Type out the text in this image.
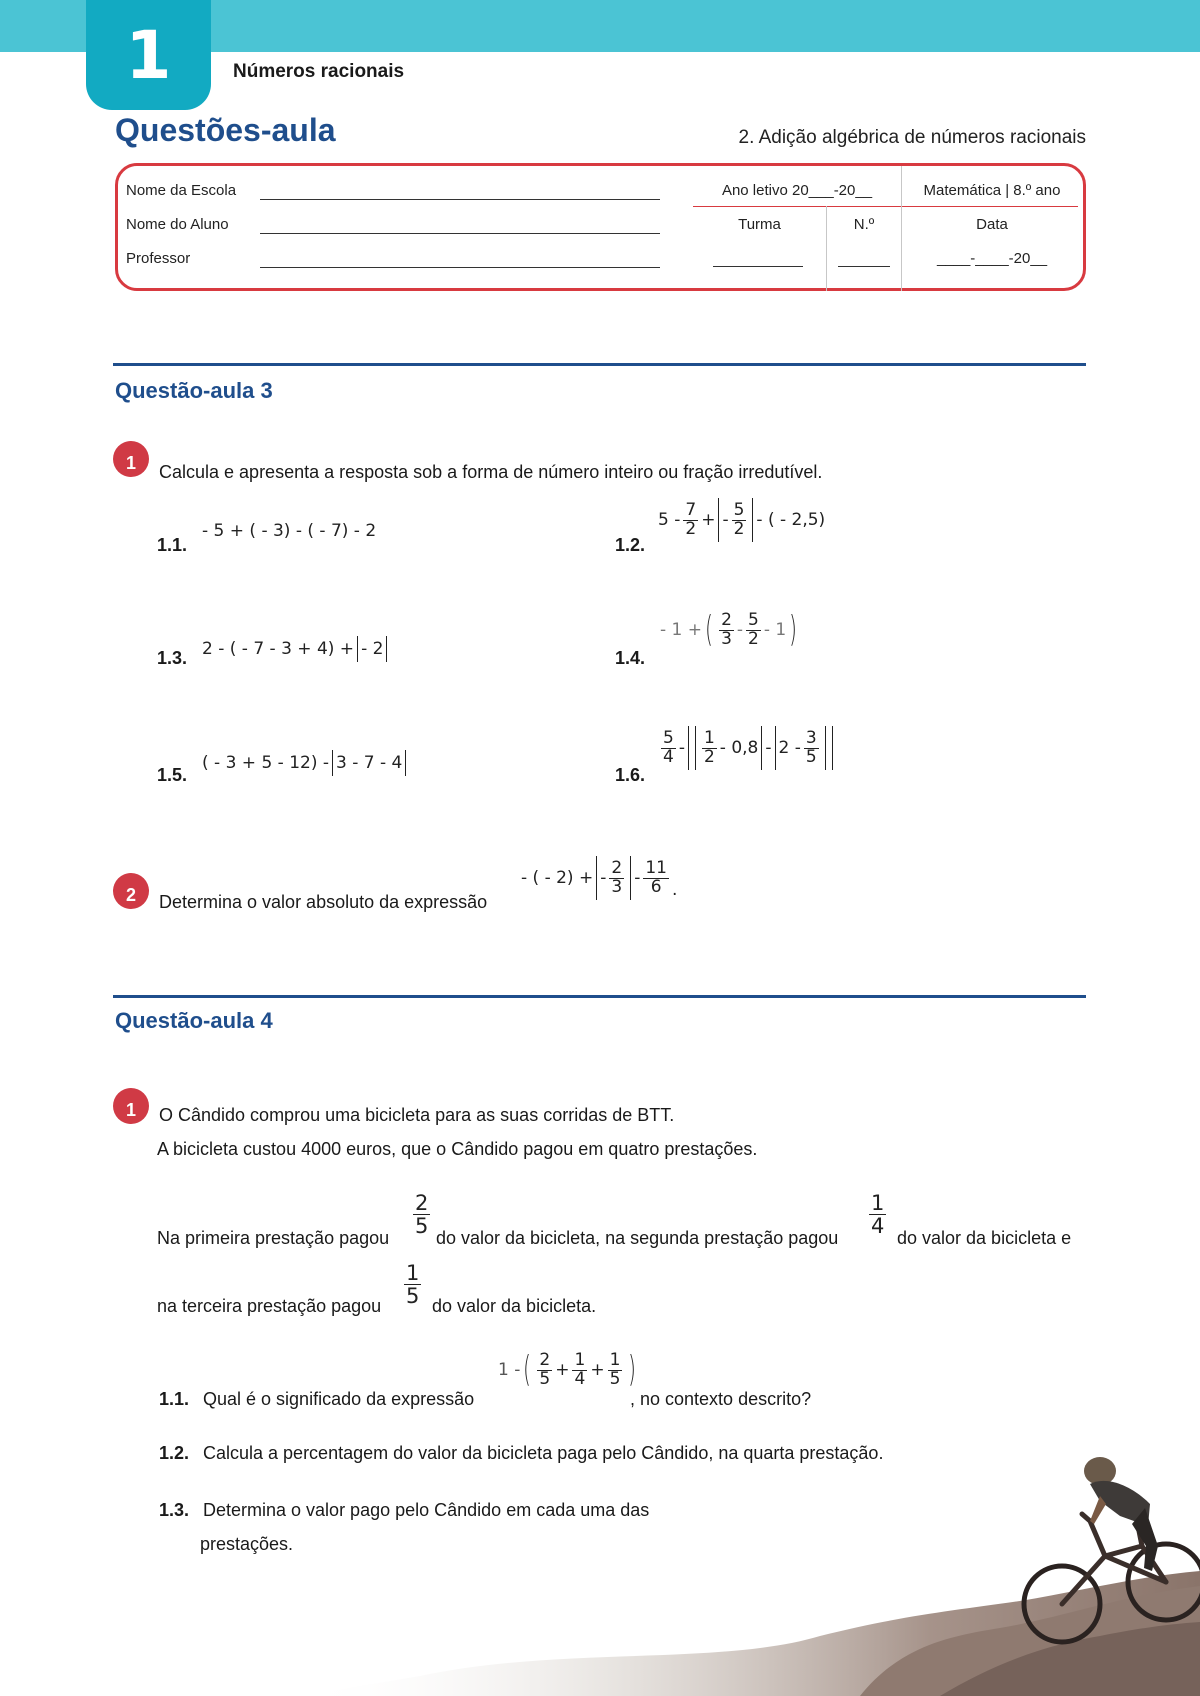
1	Números racionais
Questões-aula	2. Adição algébrica de números racionais
Nome da Escola
Nome do Aluno
Professor
Ano letivo 20___-20__	Matemática | 8.º ano
Turma	N.º	Data
____-____-20__
Questão-aula 3
1	Calcula e apresenta a resposta sob a forma de número inteiro ou fração irredutível.
1.1.
- 5 + ( - 3) - ( - 7) - 2
1.2.
$5 - \frac{7}{2}$ + - $\frac{5}{2}$ - ( - 2,5)
1.3. 2 - ( - 7 - 3 + 4) + - 2	1.4.
- 1 + ( $\frac{2}{3} - \frac{5}{2} - 1$ )
1.5.
( - 3 + 5 - 12) - 3 - 7 - 4
1.6.
$\frac{5}{4} - \frac{1}{2} - 0,8 - 2 - \frac{3}{5}$
2	Determina o valor absoluto da expressão
- ( - 2) + - $\frac{2}{3} - \frac{11}{6}$ .
Questão-aula 4
1	O Cândido comprou uma bicicleta para as suas corridas de BTT.
A bicicleta custou 4000 euros, que o Cândido pagou em quatro prestações.
Na primeira prestação pagou
$\frac{2}{5}$
do valor da bicicleta, na segunda prestação pagou
$\frac{1}{4}$
do valor da bicicleta e
na terceira prestação pagou $\frac{1}{5}$ do valor da bicicleta.
1.1. Qual é o significado da expressão
1 - ( $\frac{2}{5} + \frac{1}{4} + \frac{1}{5}$ )
, no contexto descrito?
1.2. Calcula a percentagem do valor da bicicleta paga pelo Cândido, na quarta prestação.
1.3. Determina o valor pago pelo Cândido em cada uma das
prestações.
